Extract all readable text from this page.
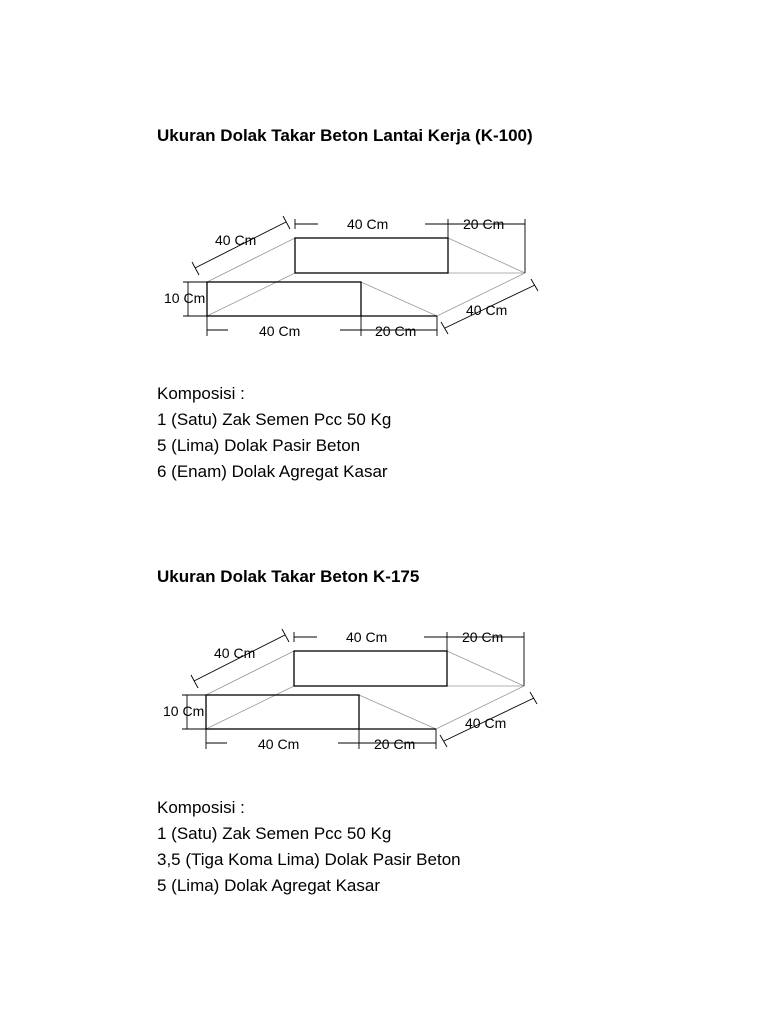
Ukuran Dolak Takar Beton Lantai Kerja (K-100)
40 Cm	20 Cm
40 Cm
10 Cm
40 Cm	20 Cm
40 Cm
Komposisi :
1 (Satu) Zak Semen Pcc 50 Kg
5 (Lima) Dolak Pasir Beton
6 (Enam) Dolak Agregat Kasar
Ukuran Dolak Takar Beton K-175
40 Cm	20 Cm
40 Cm
10 Cm
40 Cm	20 Cm
40 Cm
Komposisi :
1 (Satu) Zak Semen Pcc 50 Kg
3,5 (Tiga Koma Lima) Dolak Pasir Beton
5 (Lima) Dolak Agregat Kasar
